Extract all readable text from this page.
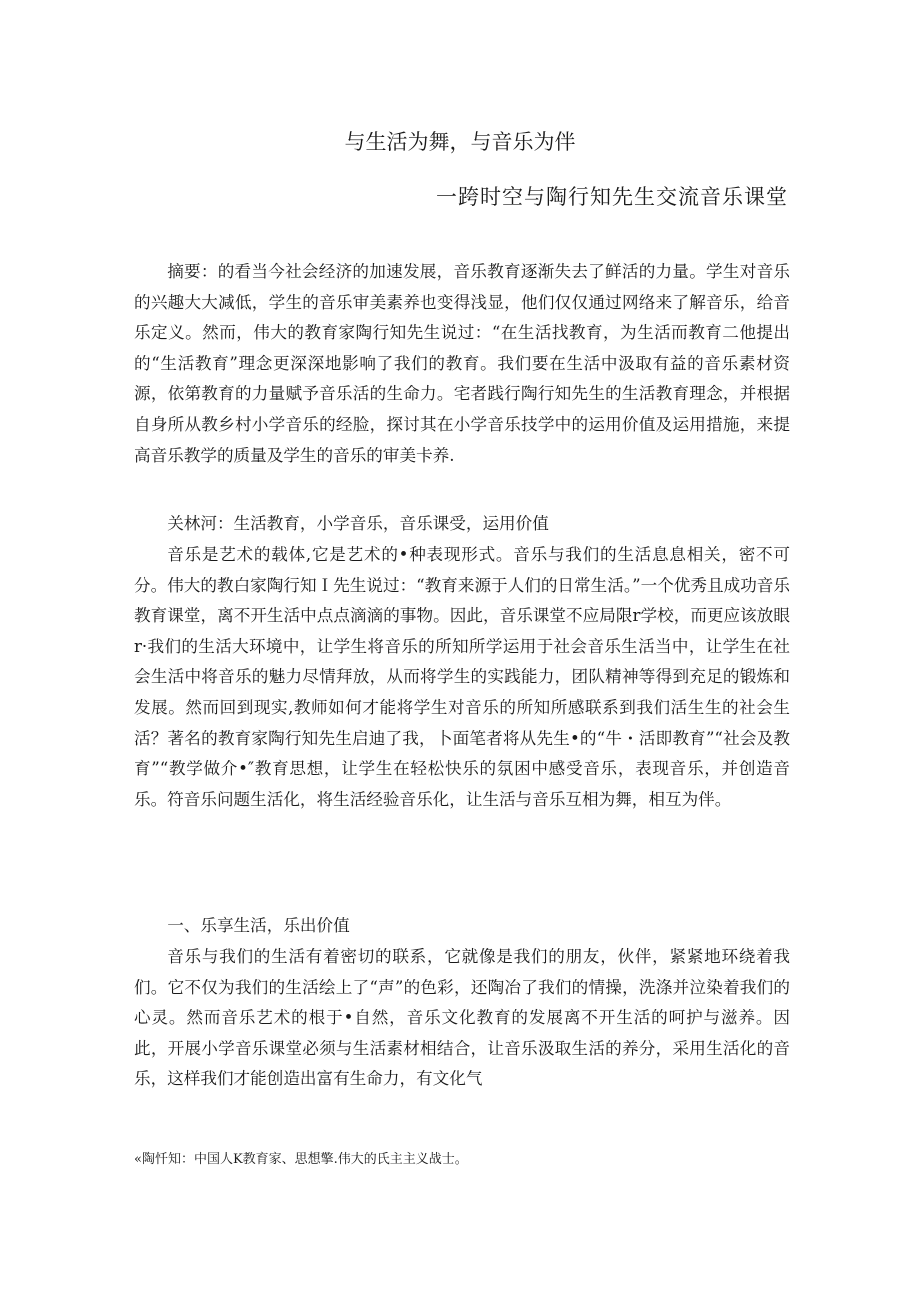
与生活为舞，与音乐为伴
一跨时空与陶行知先生交流音乐课堂
摘要：的看当今社会经济的加速发展，音乐教育逐渐失去了鲜活的力量。学生对音乐的兴趣大大减低，学生的音乐审美素养也变得浅显，他们仅仅通过网络来了解音乐，给音乐定义。然而，伟大的教育家陶行知先生说过：“在生活找教育，为生活而教育二他提出的“生活教育”理念更深深地影响了我们的教育。我们要在生活中汲取有益的音乐素材资源，依第教育的力量赋予音乐活的生命力。宅者践行陶行知先生的生活教育理念，并根据自身所从教乡村小学音乐的经脸，探讨其在小学音乐技学中的运用价值及运用措施，来提高音乐教学的质量及学生的音乐的审美卡养.
关林河：生活教育，小学音乐，音乐课受，运用价值
音乐是艺术的载体,它是艺术的•种表现形式。音乐与我们的生活息息相关，密不可分。伟大的教白家陶行知Ｉ先生说过：“教育来源于人们的日常生活。”一个优秀且成功音乐教育课堂，离不开生活中点点滴滴的事物。因此，音乐课堂不应局限r学校，而更应该放眼r·我们的生活大环境中，让学生将音乐的所知所学运用于社会音乐生活当中，让学生在社会生活中将音乐的魅力尽情拜放，从而将学生的实践能力，团队精神等得到充足的锻炼和发展。然而回到现实,教师如何才能将学生对音乐的所知所感联系到我们活生生的社会生活？著名的教育家陶行知先生启迪了我，卜面笔者将从先生•的“牛・活即教育”“社会及教育”“教学做介•″教育思想，让学生在轻松快乐的氛困中感受音乐，表现音乐，并创造音乐。符音乐问题生活化，将生活经验音乐化，让生活与音乐互相为舞，相互为伴。
一、乐享生活，乐出价值
音乐与我们的生活有着密切的联系，它就像是我们的朋友，伙伴，紧紧地环绕着我们。它不仅为我们的生活绘上了“声”的色彩，还陶冶了我们的情操，洗涤并泣染着我们的心灵。然而音乐艺术的根于•自然，音乐文化教育的发展离不开生活的呵护与滋养。因此，开展小学音乐课堂必须与生活素材相结合，让音乐汲取生活的养分，采用生活化的音乐，这样我们才能创造出富有生命力，有文化气
«陶忏知：中国人K教育家、思想擎.伟大的氏主主义战士。
